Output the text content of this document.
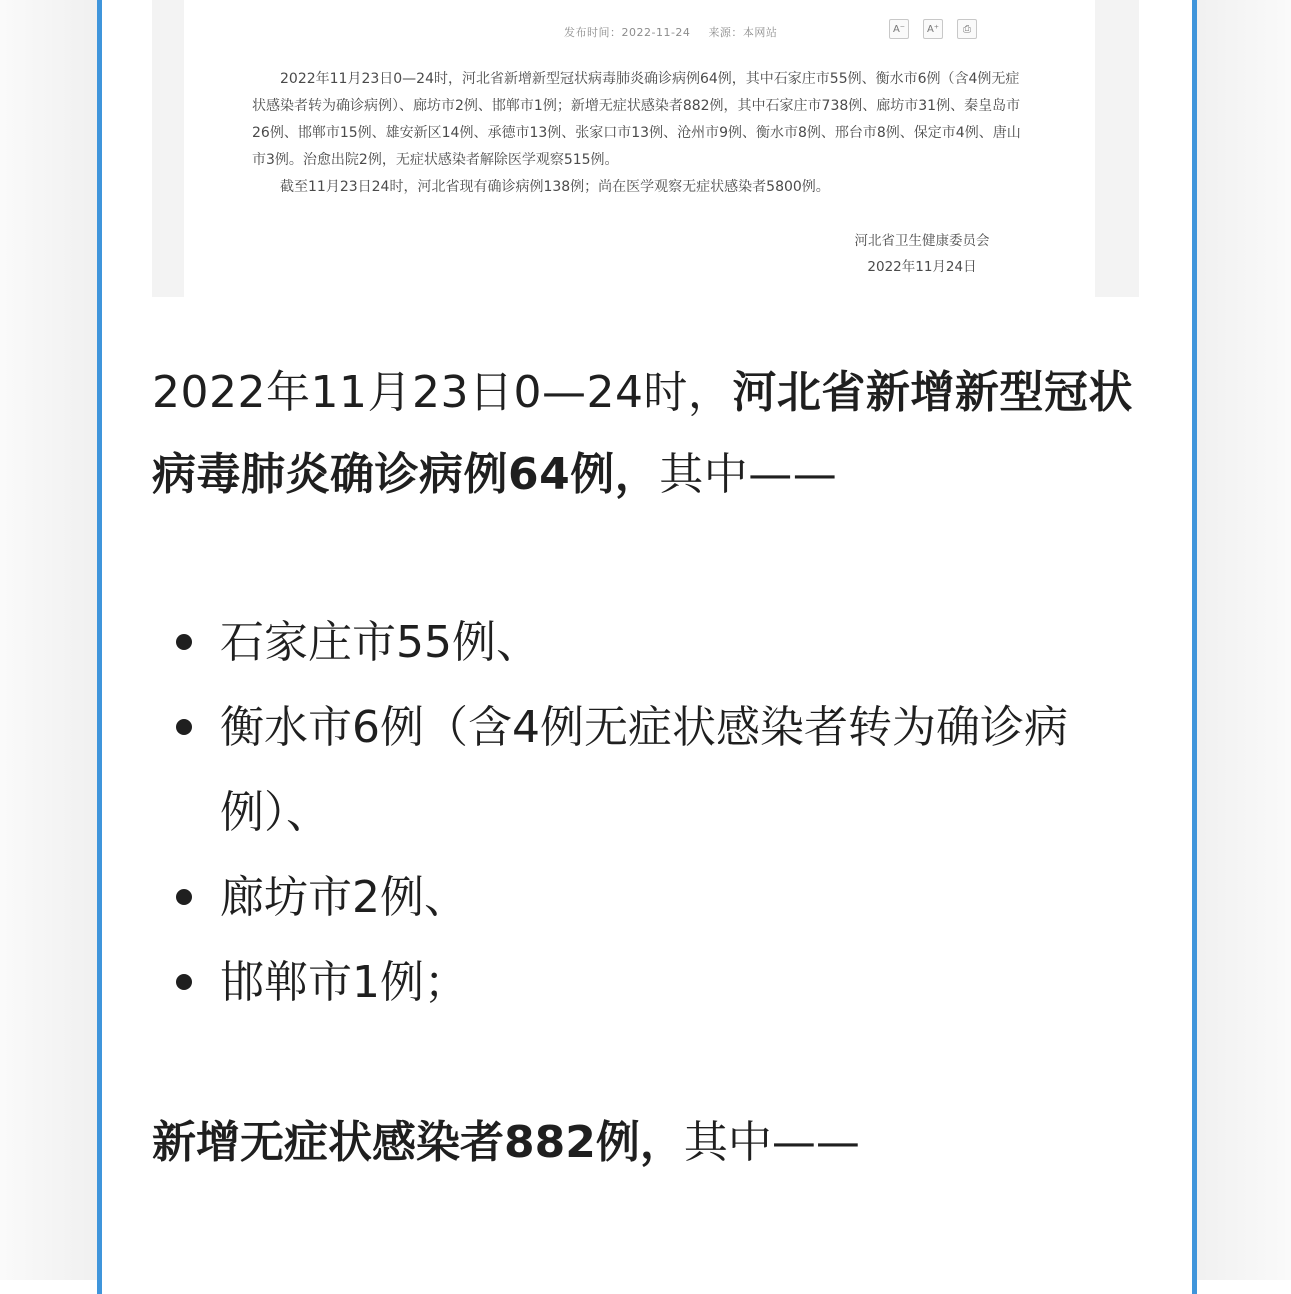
发布时间：2022-11-24 来源：本网站	A⁻	A⁺	⎙

2022年11月23日0—24时，河北省新增新型冠状病毒肺炎确诊病例64例，其中石家庄市55例、衡水市6例（含4例无症状感染者转为确诊病例）、廊坊市2例、邯郸市1例；新增无症状感染者882例，其中石家庄市738例、廊坊市31例、秦皇岛市26例、邯郸市15例、雄安新区14例、承德市13例、张家口市13例、沧州市9例、衡水市8例、邢台市8例、保定市4例、唐山市3例。治愈出院2例，无症状感染者解除医学观察515例。

截至11月23日24时，河北省现有确诊病例138例；尚在医学观察无症状感染者5800例。

河北省卫生健康委员会
2022年11月24日

2022年11月23日0—24时，河北省新增新型冠状病毒肺炎确诊病例64例，其中——

石家庄市55例、
衡水市6例（含4例无症状感染者转为确诊病例）、
廊坊市2例、
邯郸市1例；

新增无症状感染者882例，其中——
